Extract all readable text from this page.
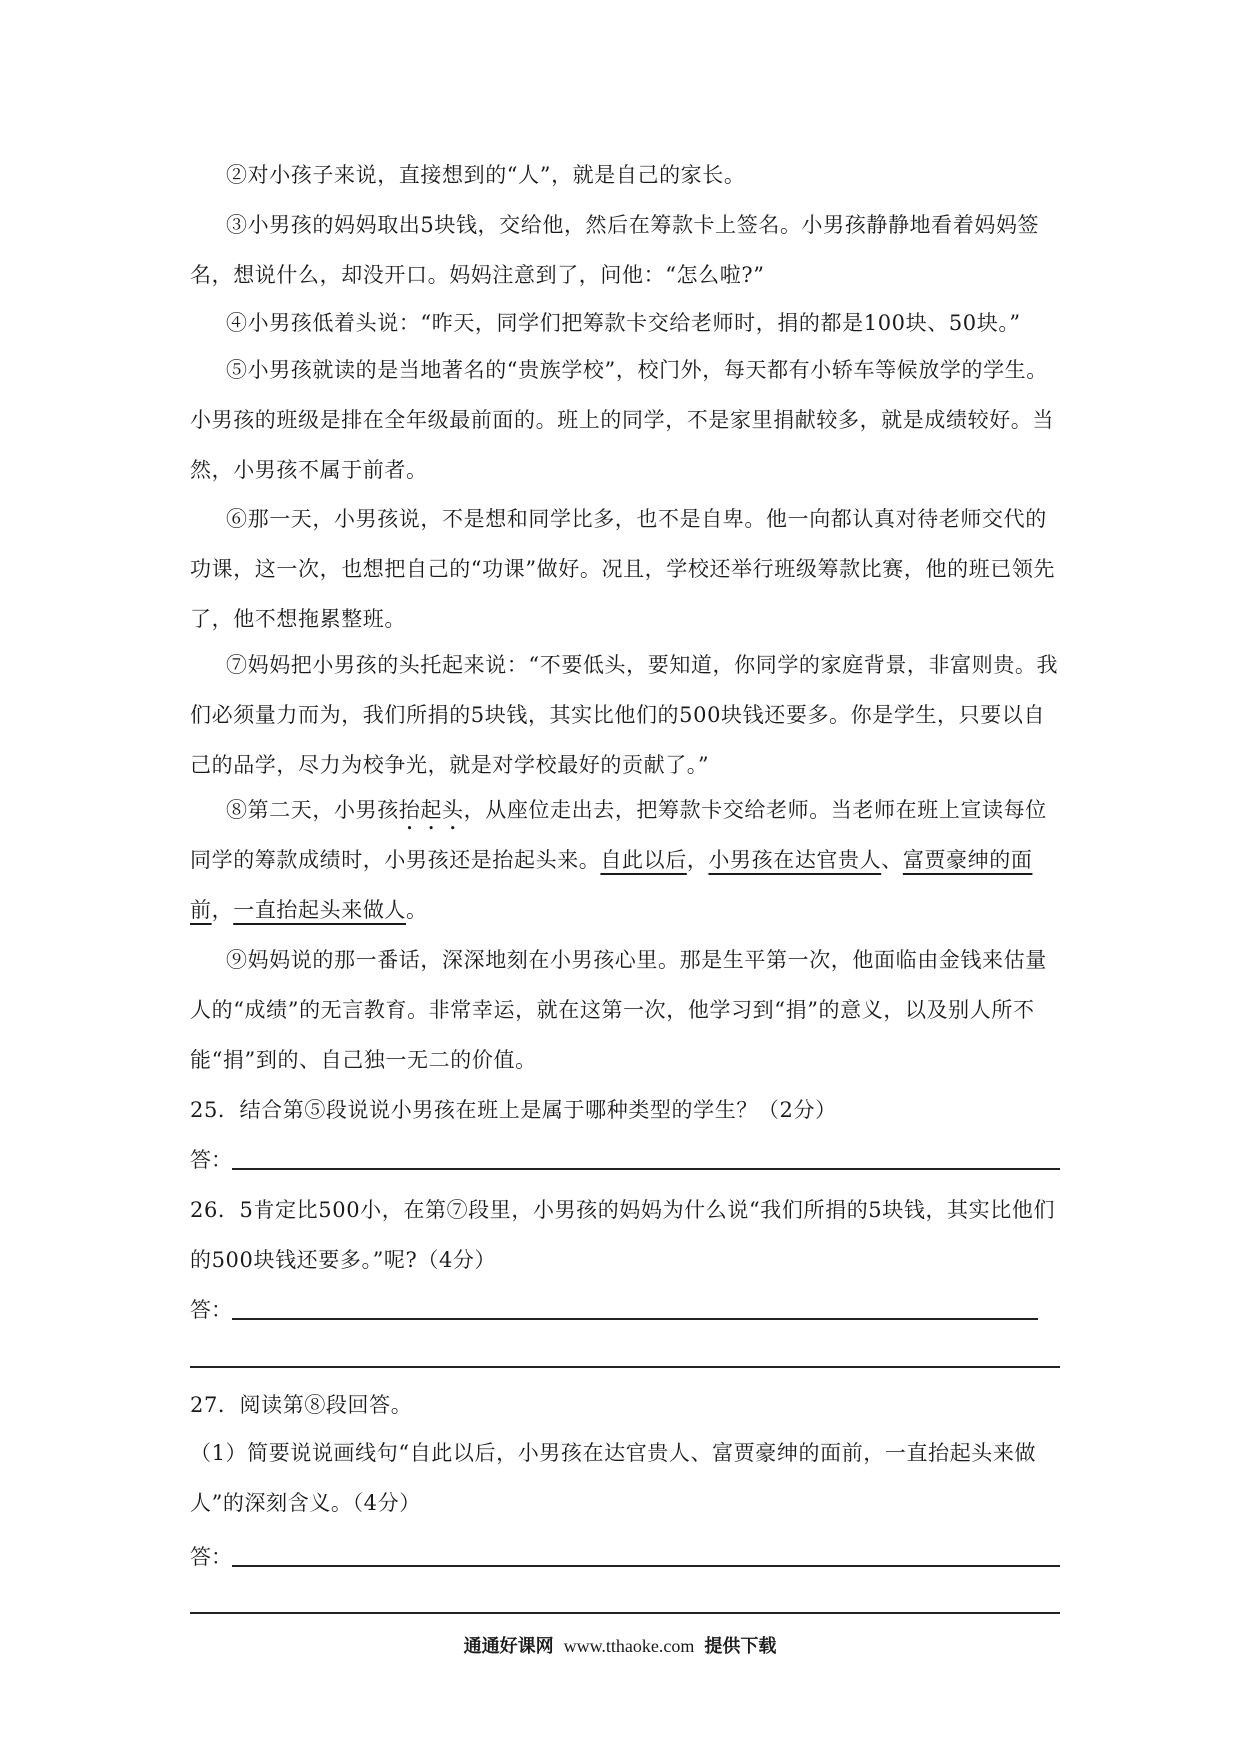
②对小孩子来说，直接想到的“人”，就是自己的家长。

③小男孩的妈妈取出5块钱，交给他，然后在筹款卡上签名。小男孩静静地看着妈妈签名，想说什么，却没开口。妈妈注意到了，问他：“怎么啦?”

④小男孩低着头说：“昨天，同学们把筹款卡交给老师时，捐的都是100块、50块。”

⑤小男孩就读的是当地著名的“贵族学校”，校门外，每天都有小轿车等候放学的学生。小男孩的班级是排在全年级最前面的。班上的同学，不是家里捐献较多，就是成绩较好。当然，小男孩不属于前者。

⑥那一天，小男孩说，不是想和同学比多，也不是自卑。他一向都认真对待老师交代的功课，这一次，也想把自己的“功课”做好。况且，学校还举行班级筹款比赛，他的班已领先了，他不想拖累整班。

⑦妈妈把小男孩的头托起来说：“不要低头，要知道，你同学的家庭背景，非富则贵。我们必须量力而为，我们所捐的5块钱，其实比他们的500块钱还要多。你是学生，只要以自己的品学，尽力为校争光，就是对学校最好的贡献了。”

⑧第二天，小男孩抬起头，从座位走出去，把筹款卡交给老师。当老师在班上宣读每位同学的筹款成绩时，小男孩还是抬起头来。自此以后，小男孩在达官贵人、富贾豪绅的面前，一直抬起头来做人。

⑨妈妈说的那一番话，深深地刻在小男孩心里。那是生平第一次，他面临由金钱来估量人的“成绩”的无言教育。非常幸运，就在这第一次，他学习到“捐”的意义，以及别人所不能“捐”到的、自己独一无二的价值。

25．结合第⑤段说说小男孩在班上是属于哪种类型的学生？（2分）

答：

26．5肯定比500小，在第⑦段里，小男孩的妈妈为什么说“我们所捐的5块钱，其实比他们的500块钱还要多。”呢?（4分）

答：

27．阅读第⑧段回答。

（1）简要说说画线句“自此以后，小男孩在达官贵人、富贾豪绅的面前，一直抬起头来做人”的深刻含义。（4分）

答：
通通好课网 www.tthaoke.com 提供下载
